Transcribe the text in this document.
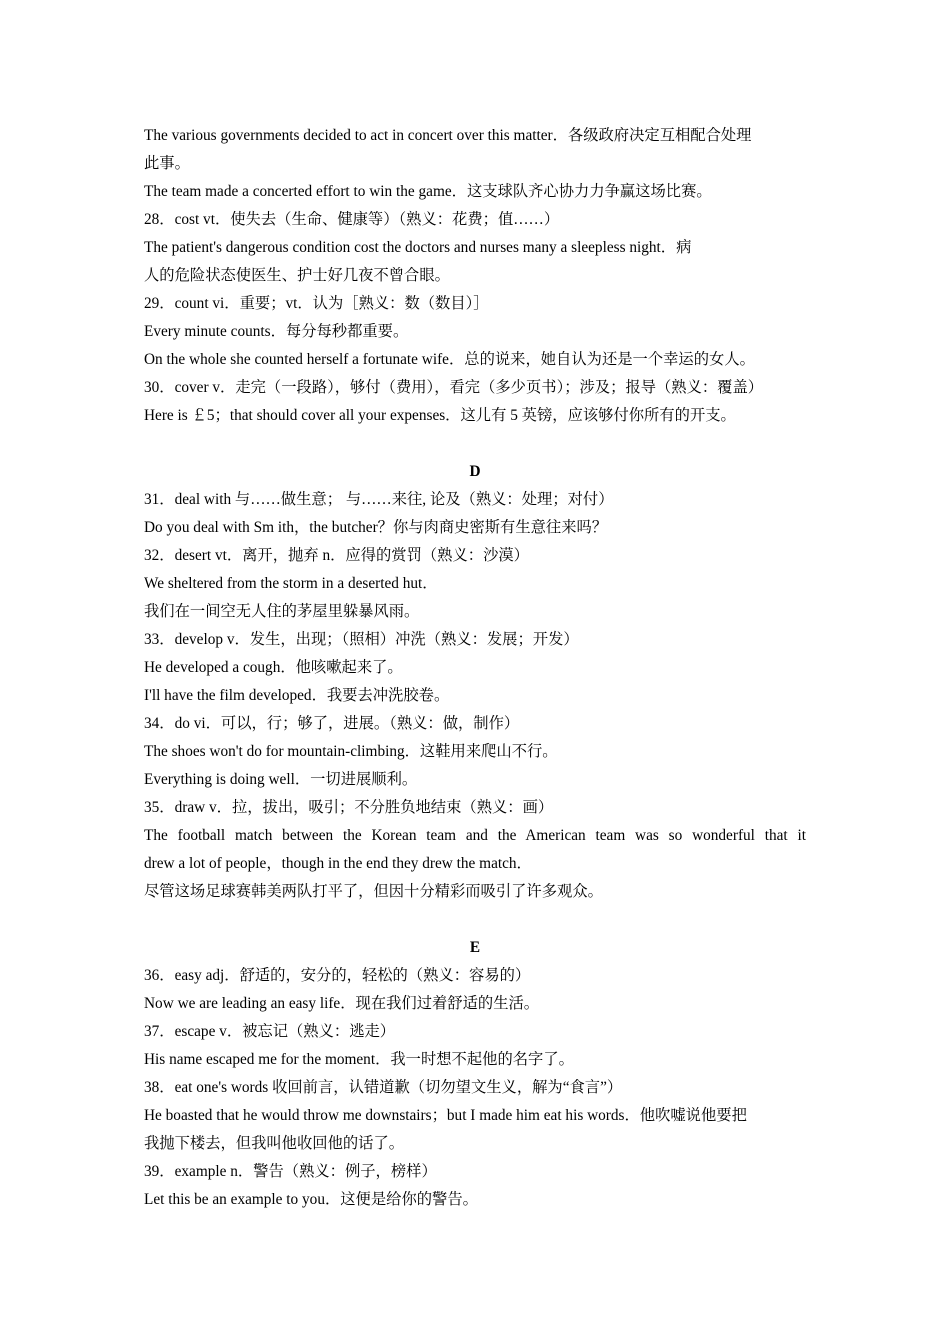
The various governments decided to act in concert over this matter．各级政府决定互相配合处理
此事。
The team made a concerted effort to win the game．这支球队齐心协力力争赢这场比赛。
28．cost vt．使失去（生命、健康等）（熟义：花费；值……）
The patient's dangerous condition cost the doctors and nurses many a sleepless night．病
人的危险状态使医生、护士好几夜不曾合眼。
29．count vi．重要；vt．认为［熟义：数（数目）］
Every minute counts．每分每秒都重要。
On the whole she counted herself a fortunate wife．总的说来，她自认为还是一个幸运的女人。
30．cover v．走完（一段路），够付（费用），看完（多少页书）；涉及；报导（熟义：覆盖）
Here is ￡5；that should cover all your expenses．这儿有 5 英镑，应该够付你所有的开支。
D
31．deal with 与……做生意； 与……来往, 论及（熟义：处理；对付）
Do you deal with Sm ith，the butcher？你与肉商史密斯有生意往来吗？
32．desert vt．离开，抛弃 n．应得的赏罚（熟义：沙漠）
We sheltered from the storm in a deserted hut．
我们在一间空无人住的茅屋里躲暴风雨。
33．develop v．发生，出现；（照相）冲洗（熟义：发展；开发）
He developed a cough．他咳嗽起来了。
I'll have the film developed．我要去冲洗胶卷。
34．do vi．可以，行；够了，进展。（熟义：做，制作）
The shoes won't do for mountain-climbing．这鞋用来爬山不行。
Everything is doing well．一切进展顺利。
35．draw v．拉，拔出，吸引；不分胜负地结束（熟义：画）
The football match between the Korean team and the American team was so wonderful that it
drew a lot of people，though in the end they drew the match．
尽管这场足球赛韩美两队打平了，但因十分精彩而吸引了许多观众。
E
36．easy adj．舒适的，安分的，轻松的（熟义：容易的）
Now we are leading an easy life．现在我们过着舒适的生活。
37．escape v．被忘记（熟义：逃走）
His name escaped me for the moment．我一时想不起他的名字了。
38．eat one's words 收回前言，认错道歉（切勿望文生义，解为“食言”）
He boasted that he would throw me downstairs；but I made him eat his words．他吹嘘说他要把
我抛下楼去，但我叫他收回他的话了。
39．example n．警告（熟义：例子，榜样）
Let this be an example to you．这便是给你的警告。
